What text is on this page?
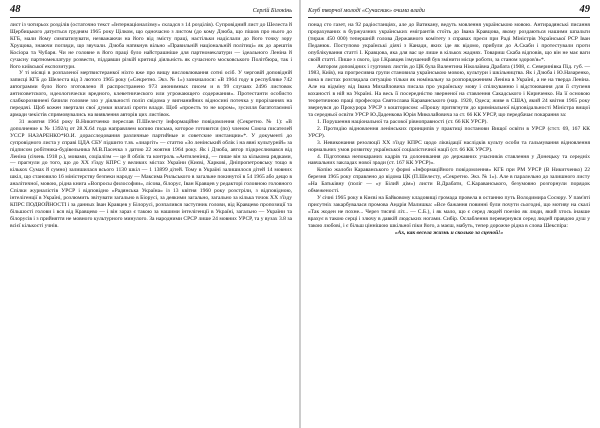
48	Сергій Білокінь

лист із чотирьох розділів (остаточно текст «Інтернаціоналізму» складся з 14 розділів). Супровідний лист до Шелеста й Щербицького датується грудням 1965 року Цілком, що одночасно з листом (до кому Дзюба, що пішов про нього до КГБ, мали йому симпатизувати, незважаючи на його від змісту праці, настільки надіслали до його точку зору Хрущова, знаючи погляди, що звучали. Дзюба натякнув вільно «Правильній національній політиці» як до арештів Косіора та Чубаря. Чи не головне в його праці було найстрашніше для партномеклатури — ідеального Леніна й сучасну партномеклатуру розвести, піддавши різкій критиці діяльність як сучасного московського Політбюра, так і його київської експозитури.

У ті місяці в розпаленої мертвистеранкої ніхто вже про вищу висловлювання сотні осіб. У черговій доповідній записці КГБ до Шелеста від 3 лютого 1965 року («Секретно. Экз. № 1») зазначалося: «В 1964 году в республике 742 автограмми було його зготовлено й распространено 973 анонимных писем и в 99 случаях 2496 листовок антисоветского, идеологически вредного, клеветнического или угрожающего содержания». Протестанти особисто слабкорозвинені бачили головне зло у діяльності поліп свідома у вигнанийних відносині потечка у прорізаннях на передачі. Щоб кожен звертали свої думки взагалі проти влади. Щоб «проесть то не кором», зусилля багатотаємної армади чекістів спрямовувались на виявлення авторів цих листівок.

31 жовтня 1964 року В.Никитченко переслав П.Шелесту інформаційне повідомлення (Секретно. № 1): «В дополнение к № 1392/ц от 28.X.64 года направляем копию письма, которое готовится (по) членом Союза писателей УССР НАЗАРЕНКО*Ю.И. дорасследования различные партийные и советские инстанции»*. У документі до супровідного листа у справі ЦДА СБУ підшито т.зв. «лиаргіт» — статтю «Зо ленінський облік і на явні культурній» за підписом робітника-будівельника М.В.Пасечка з датою 22 жовтня 1964 року. Як і Дзюба, автор підкреслювався від Леніна (січень 1918 р.), мовами, соціалізм — це й облік та контроль «Антиленінці, — пише він за кількома рядками, — прагнули до того, що до XX з'їзду КПРС у великих містах України (Києві, Харкові, Дніпропетровську тощо в кількох Сумах й сумно) залишилася всього 1130 шкіл — 1 13899 дітей. Тому в Україні залишилося дітей 14 мовних шкіл, що становило 16 міністерству безпеки народу — Максима Рильського в загальне покинутої в 54 1965 або дещо в аналітичної, мовою, рідна книга «Вопросы философии», лісова, білорус, Іван Кравцев у редакторі головною головного Спілки журналістів УРСР і відповідно «Радянська Україна» із 13 квітня 1960 року розстріли, з відповідною, інтелігенції в Україні, розлюмить звітувати загально в Біорусі, за деякими загально, загально за кілька точок XX з'їзду КПРС ПОДВОЙНОСТІ і за данных Іван Кравцев у Білорусі, розпалився заступник голови, від Кравцево пропозиції та більшості голови і вся від Кравцево — і він зараз є такою за нашими інтелігенції в Україні, загально — України та білорусів і з прийняття не мовного культурного минулого. За народними СРСР лише 24 мовних УРСР, та у вузах 3.8 за всієї кількості учнів.

Клуб творчої молоді «Сучасник» очима влади	49

понад сто газет, на 92 радіостанціях, але до Ватикану, ведуть мовлення українською мовою. Антирадянські писання прорахуваних в буржуазних українських емігрантів стоїть до Івана Кравцова, якому роздаються нашими шпальти (тираж 450 000) тепершній голова Державного комітету з справах преси при Раді Міністрів Української РСР Іван Педанюк. Поступово українські діячі з Канади, яких іде як відомо, прибули до А.Скаби і протестували проти опублікування статті І. Кравцова, яка для вас це лише в кількох жаднях. Товариш Скаба відповів, що він не має ваги своїй статті. Пише з свого, ідо І.Кравцев ізмушений був змінити місце роботи, за станом здоров'я»*.

Автором доповідних і гуртових листів до ЦК була Валентина Ніколаївна Драбата (1908, с. Северинівка Під. губ. — 1983, Київ), на прогресивна групи становила українською мовою, культури і шкільництва. Як і Дзюба і Ю.Назаренко, вона в листах розглядала ситуацію тільки як номінальну за розпорядженням Леніна в Україні, а не на тверда Леніна. Але на відміну від Івана Михайловича писала про українську мову і спілкуванню і відстоювання для її ступеня коханості в ній на Україні. На весь її посередністю зверненої на ставлення Сакадського і Кириченко. На її основою теоретичною праці професора Святослава Караванського (нар. 1920, Одеса; живе в США), який 24 квітня 1965 року звернувся до Прокурора УРСР з кошторисом: «Прошу притягнути до кримінальної відповідальності Міністра вищої та середньої освіти УРСР Ю.Даденкова Юрія Миколайовича за ст. 66 КК УРСР, що передбачає покарання за:

1. Порушення національної та расової рівноправності (ст. 66 КК УРСР).

2. Протидію відновлення ленінських принципів у практиці постанови Вищої освіти в УРСР (стст. 69, 167 КК УРСР).

3. Невиконання резолюції XX з'їзду КПРС щодо ліквідації наслідків культу особи та гальмування відновлення нормальних умов розвитку української соціалістичної нації (ст. 66 КК УРСР).

4. Підготовка непокараних кадрів та долоникання до державних учасників ставлення у Донецьку та середніх навчальних закладах нової зради (ст. 167 КК УРСР)».

Копію жалоби Караванського у формі «Інформаційного повідомлення» КГБ при РМ УРСР (В Никитченко) 22 березня 1965 року справлено до відома ЦК (П.Шелесту, «Секретно. Экз. № 1»). Але в паралельно до залишного листу «На Батьківну (поліг — «у Білий дім») листи В.Драбати, С.Караванського, безумовно розгорнули порядок обмеженості.

У січні 1965 року в Києві на Байковому кладовищі громада провела в останню путь Володимира Сосюру. У пам'яті присутніх закарбувалася промова Андрія Малишка: «Все бажання повинні були почути сьогодні, що мотиву на скалі «Так жоден не похне... Через тисячі літ... — С.Б.), і як мало, що є серед людей поезію як люди, який хтось інакше врахує в такою серці і злючу в давкій людських ногами. Сибір. Ослаблення перевернувся серед людей правдою душ у такою любові, і є більш ціннішою шкільної піки його, а маєш, мабуть, тепер дорожче рідна в слова Шекспіра:

«Ах, как весела жизнь и сколько за сценой!»
